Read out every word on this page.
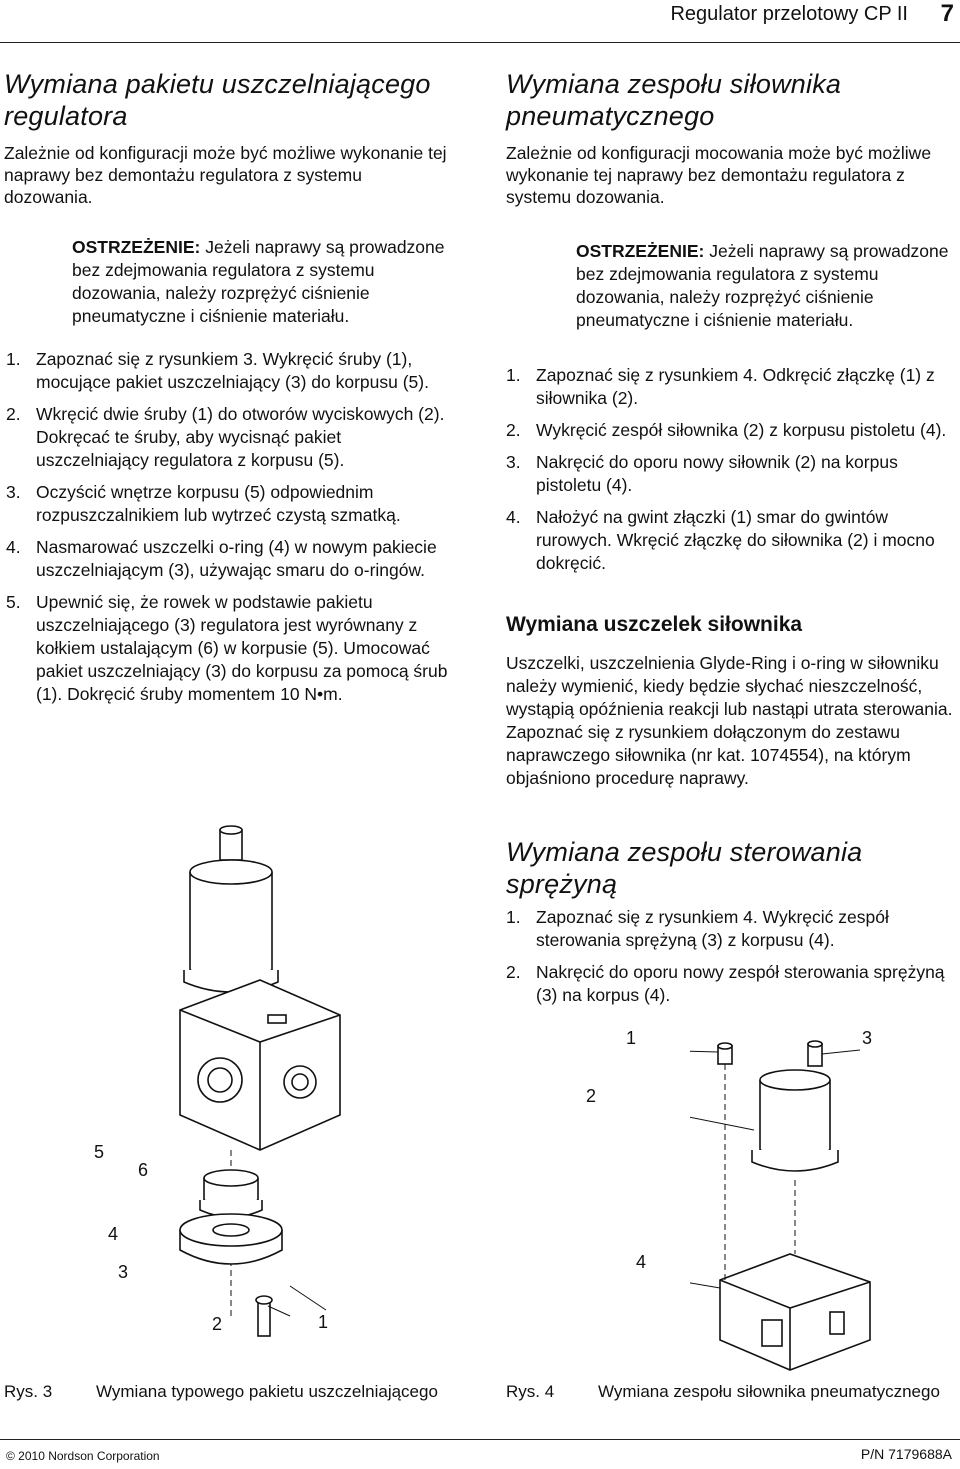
Regulator przelotowy CP II 7
Wymiana pakietu uszczelniającego regulatora

Zależnie od konfiguracji może być możliwe wykonanie tej naprawy bez demontażu regulatora z systemu dozowania.

OSTRZEŻENIE: Jeżeli naprawy są prowadzone bez zdejmowania regulatora z systemu dozowania, należy rozprężyć ciśnienie pneumatyczne i ciśnienie materiału.
1. Zapoznać się z rysunkiem 3. Wykręcić śruby (1), mocujące pakiet uszczelniający (3) do korpusu (5).
2. Wkręcić dwie śruby (1) do otworów wyciskowych (2). Dokręcać te śruby, aby wycisnąć pakiet uszczelniający regulatora z korpusu (5).
3. Oczyścić wnętrze korpusu (5) odpowiednim rozpuszczalnikiem lub wytrzeć czystą szmatką.
4. Nasmarować uszczelki o-ring (4) w nowym pakiecie uszczelniającym (3), używając smaru do o-ringów.
5. Upewnić się, że rowek w podstawie pakietu uszczelniającego (3) regulatora jest wyrównany z kołkiem ustalającym (6) w korpusie (5). Umocować pakiet uszczelniający (3) do korpusu za pomocą śrub (1). Dokręcić śruby momentem 10 N•m.
Wymiana zespołu siłownika pneumatycznego

Zależnie od konfiguracji mocowania może być możliwe wykonanie tej naprawy bez demontażu regulatora z systemu dozowania.

OSTRZEŻENIE: Jeżeli naprawy są prowadzone bez zdejmowania regulatora z systemu dozowania, należy rozprężyć ciśnienie pneumatyczne i ciśnienie materiału.
1. Zapoznać się z rysunkiem 4. Odkręcić złączkę (1) z siłownika (2).
2. Wykręcić zespół siłownika (2) z korpusu pistoletu (4).
3. Nakręcić do oporu nowy siłownik (2) na korpus pistoletu (4).
4. Nałożyć na gwint złączki (1) smar do gwintów rurowych. Wkręcić złączkę do siłownika (2) i mocno dokręcić.
Wymiana uszczelek siłownika

Uszczelki, uszczelnienia Glyde-Ring i o-ring w siłowniku należy wymienić, kiedy będzie słychać nieszczelność, wystąpią opóźnienia reakcji lub nastąpi utrata sterowania. Zapoznać się z rysunkiem dołączonym do zestawu naprawczego siłownika (nr kat. 1074554), na którym objaśniono procedurę naprawy.

Wymiana zespołu sterowania sprężyną
1. Zapoznać się z rysunkiem 4. Wykręcić zespół sterowania sprężyną (3) z korpusu (4).
2. Nakręcić do oporu nowy zespół sterowania sprężyną (3) na korpus (4).
5
6
4
3
2	1
1	3
2
4
Rys. 3	Wymiana typowego pakietu uszczelniającego	Rys. 4	Wymiana zespołu siłownika pneumatycznego
© 2010 Nordson Corporation	P/N 7179688A
